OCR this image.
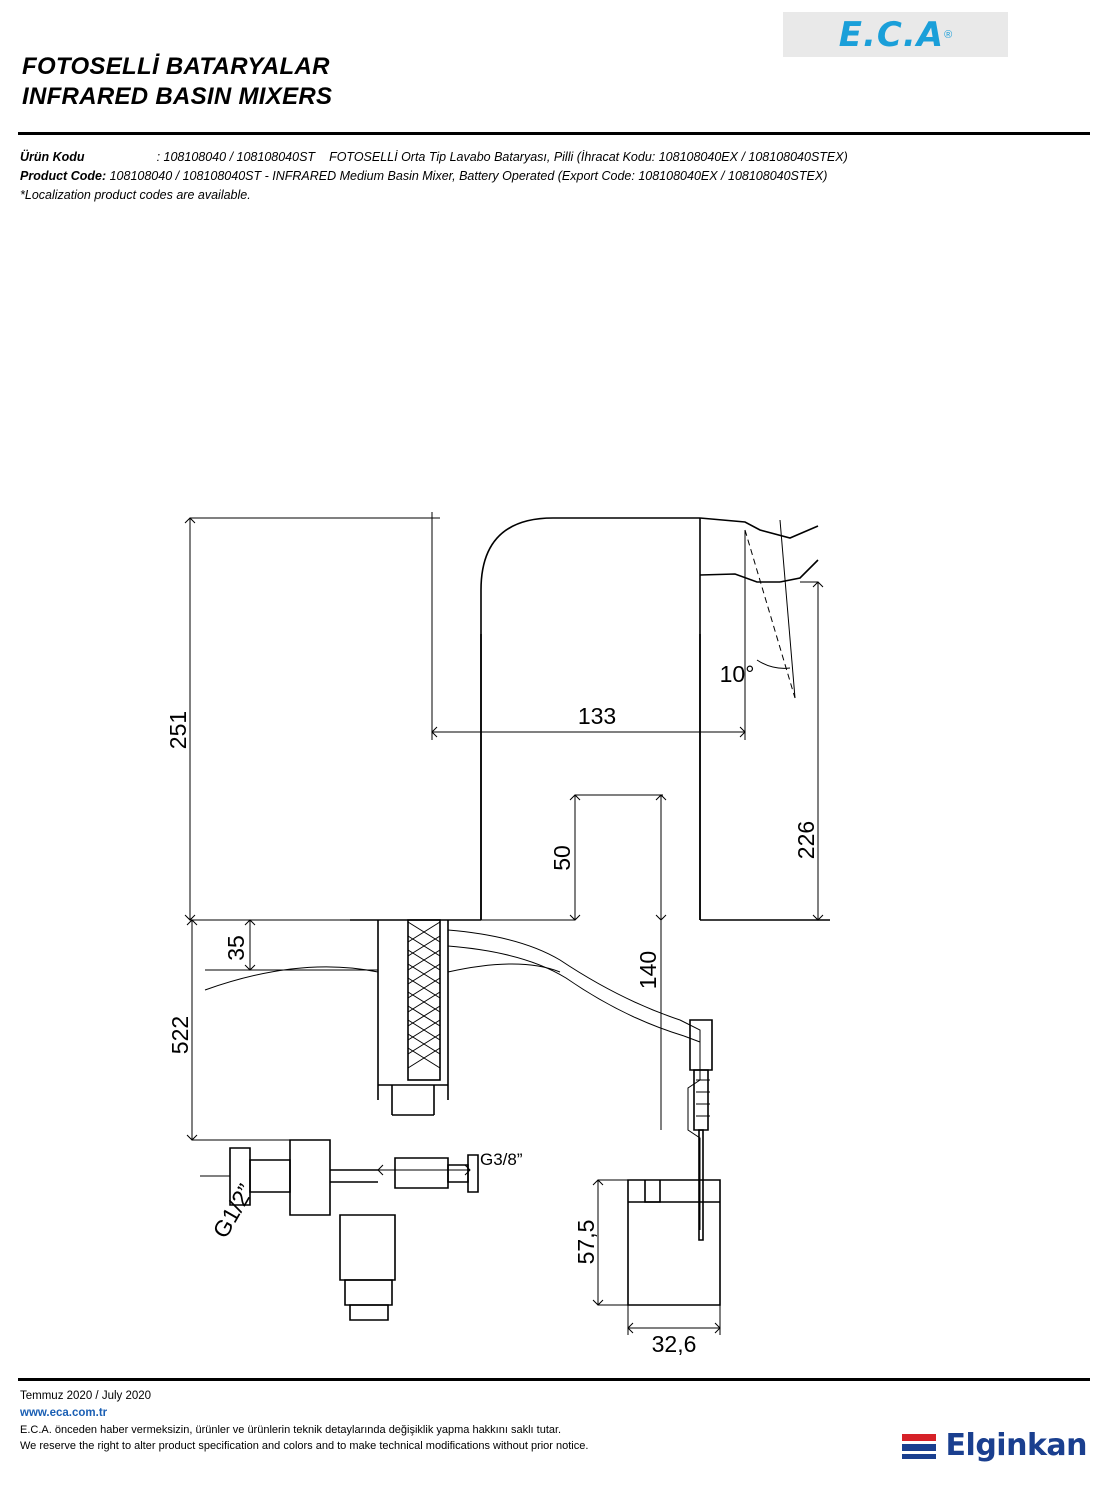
E.C.A ®
FOTOSELLİ BATARYALAR
INFRARED BASIN MIXERS
Ürün Kodu	: 108108040 / 108108040ST FOTOSELLİ Orta Tip Lavabo Bataryası, Pilli (İhracat Kodu: 108108040EX / 108108040STEX)
Product Code: 108108040 / 108108040ST - INFRARED Medium Basin Mixer, Battery Operated (Export Code: 108108040EX / 108108040STEX)
*Localization product codes are available.
251	133
10°
226
50
140
35
522
G1/2”
G3/8”
57,5
32,6
Temmuz 2020 / July 2020
www.eca.com.tr
E.C.A. önceden haber vermeksizin, ürünler ve ürünlerin teknik detaylarında değişiklik yapma hakkını saklı tutar.
We reserve the right to alter product specification and colors and to make technical modifications without prior notice.	Elginkan
